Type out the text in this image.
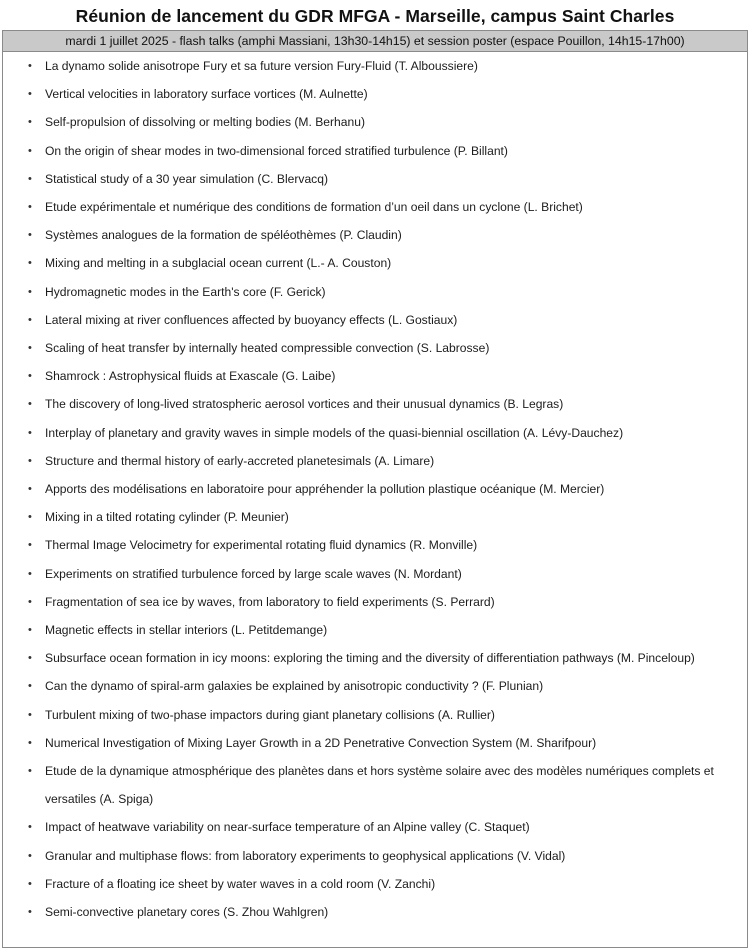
Réunion de lancement du GDR MFGA - Marseille, campus Saint Charles
mardi 1 juillet 2025 - flash talks (amphi Massiani, 13h30-14h15) et session poster (espace Pouillon, 14h15-17h00)
• La dynamo solide anisotrope Fury et sa future version Fury-Fluid (T. Alboussiere)
• Vertical velocities in laboratory surface vortices (M. Aulnette)
• Self-propulsion of dissolving or melting bodies (M. Berhanu)
• On the origin of shear modes in two-dimensional forced stratified turbulence (P. Billant)
• Statistical study of a 30 year simulation (C. Blervacq)
• Etude expérimentale et numérique des conditions de formation d’un oeil dans un cyclone (L. Brichet)
• Systèmes analogues de la formation de spéléothèmes (P. Claudin)
• Mixing and melting in a subglacial ocean current (L.- A. Couston)
• Hydromagnetic modes in the Earth's core (F. Gerick)
• Lateral mixing at river confluences affected by buoyancy effects (L. Gostiaux)
• Scaling of heat transfer by internally heated compressible convection (S. Labrosse)
• Shamrock : Astrophysical fluids at Exascale (G. Laibe)
• The discovery of long-lived stratospheric aerosol vortices and their unusual dynamics (B. Legras)
• Interplay of planetary and gravity waves in simple models of the quasi-biennial oscillation (A. Lévy-Dauchez)
• Structure and thermal history of early-accreted planetesimals (A. Limare)
• Apports des modélisations en laboratoire pour appréhender la pollution plastique océanique (M. Mercier)
• Mixing in a tilted rotating cylinder (P. Meunier)
• Thermal Image Velocimetry for experimental rotating fluid dynamics (R. Monville)
• Experiments on stratified turbulence forced by large scale waves (N. Mordant)
• Fragmentation of sea ice by waves, from laboratory to field experiments (S. Perrard)
• Magnetic effects in stellar interiors (L. Petitdemange)
• Subsurface ocean formation in icy moons: exploring the timing and the diversity of differentiation pathways (M. Pinceloup)
• Can the dynamo of spiral-arm galaxies be explained by anisotropic conductivity ? (F. Plunian)
• Turbulent mixing of two-phase impactors during giant planetary collisions (A. Rullier)
• Numerical Investigation of Mixing Layer Growth in a 2D Penetrative Convection System (M. Sharifpour)
• Etude de la dynamique atmosphérique des planètes dans et hors système solaire avec des modèles numériques complets et versatiles (A. Spiga)
• Impact of heatwave variability on near-surface temperature of an Alpine valley (C. Staquet)
• Granular and multiphase flows: from laboratory experiments to geophysical applications (V. Vidal)
• Fracture of a floating ice sheet by water waves in a cold room (V. Zanchi)
• Semi-convective planetary cores (S. Zhou Wahlgren)
